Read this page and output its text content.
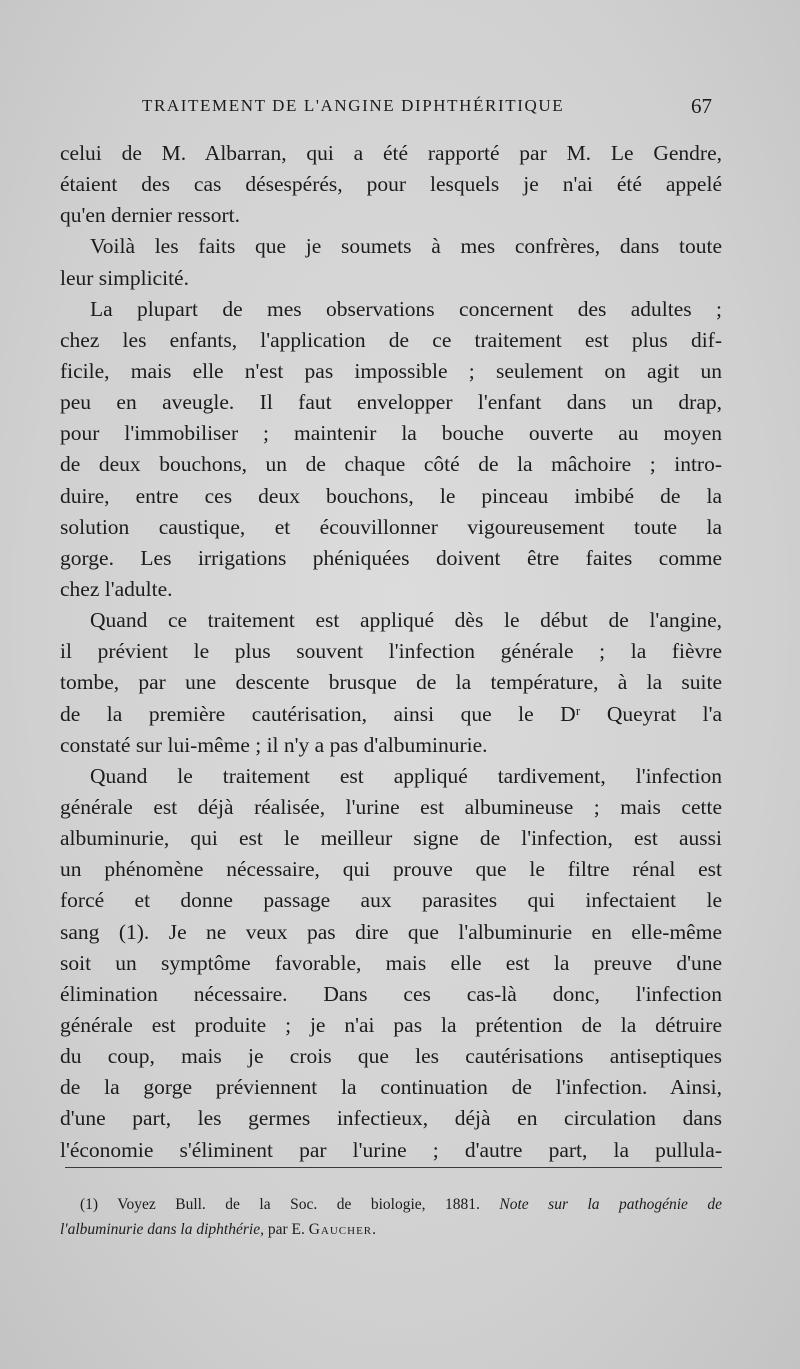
TRAITEMENT DE L'ANGINE DIPHTHÉRITIQUE	67
celui de M. Albarran, qui a été rapporté par M. Le Gendre,
étaient des cas désespérés, pour lesquels je n'ai été appelé
qu'en dernier ressort.
Voilà les faits que je soumets à mes confrères, dans toute
leur simplicité.
La plupart de mes observations concernent des adultes ;
chez les enfants, l'application de ce traitement est plus dif-
ficile, mais elle n'est pas impossible ; seulement on agit un
peu en aveugle. Il faut envelopper l'enfant dans un drap,
pour l'immobiliser ; maintenir la bouche ouverte au moyen
de deux bouchons, un de chaque côté de la mâchoire ; intro-
duire, entre ces deux bouchons, le pinceau imbibé de la
solution caustique, et écouvillonner vigoureusement toute la
gorge. Les irrigations phéniquées doivent être faites comme
chez l'adulte.
Quand ce traitement est appliqué dès le début de l'angine,
il prévient le plus souvent l'infection générale ; la fièvre
tombe, par une descente brusque de la température, à la suite
de la première cautérisation, ainsi que le Dʳ Queyrat l'a
constaté sur lui-même ; il n'y a pas d'albuminurie.
Quand le traitement est appliqué tardivement, l'infection
générale est déjà réalisée, l'urine est albumineuse ; mais cette
albuminurie, qui est le meilleur signe de l'infection, est aussi
un phénomène nécessaire, qui prouve que le filtre rénal est
forcé et donne passage aux parasites qui infectaient le
sang (1). Je ne veux pas dire que l'albuminurie en elle-même
soit un symptôme favorable, mais elle est la preuve d'une
élimination nécessaire. Dans ces cas-là donc, l'infection
générale est produite ; je n'ai pas la prétention de la détruire
du coup, mais je crois que les cautérisations antiseptiques
de la gorge préviennent la continuation de l'infection. Ainsi,
d'une part, les germes infectieux, déjà en circulation dans
l'économie s'éliminent par l'urine ; d'autre part, la pullula-
(1) Voyez Bull. de la Soc. de biologie, 1881. Note sur la pathogénie de
l'albuminurie dans la diphthérie, par E. Gaucher.
